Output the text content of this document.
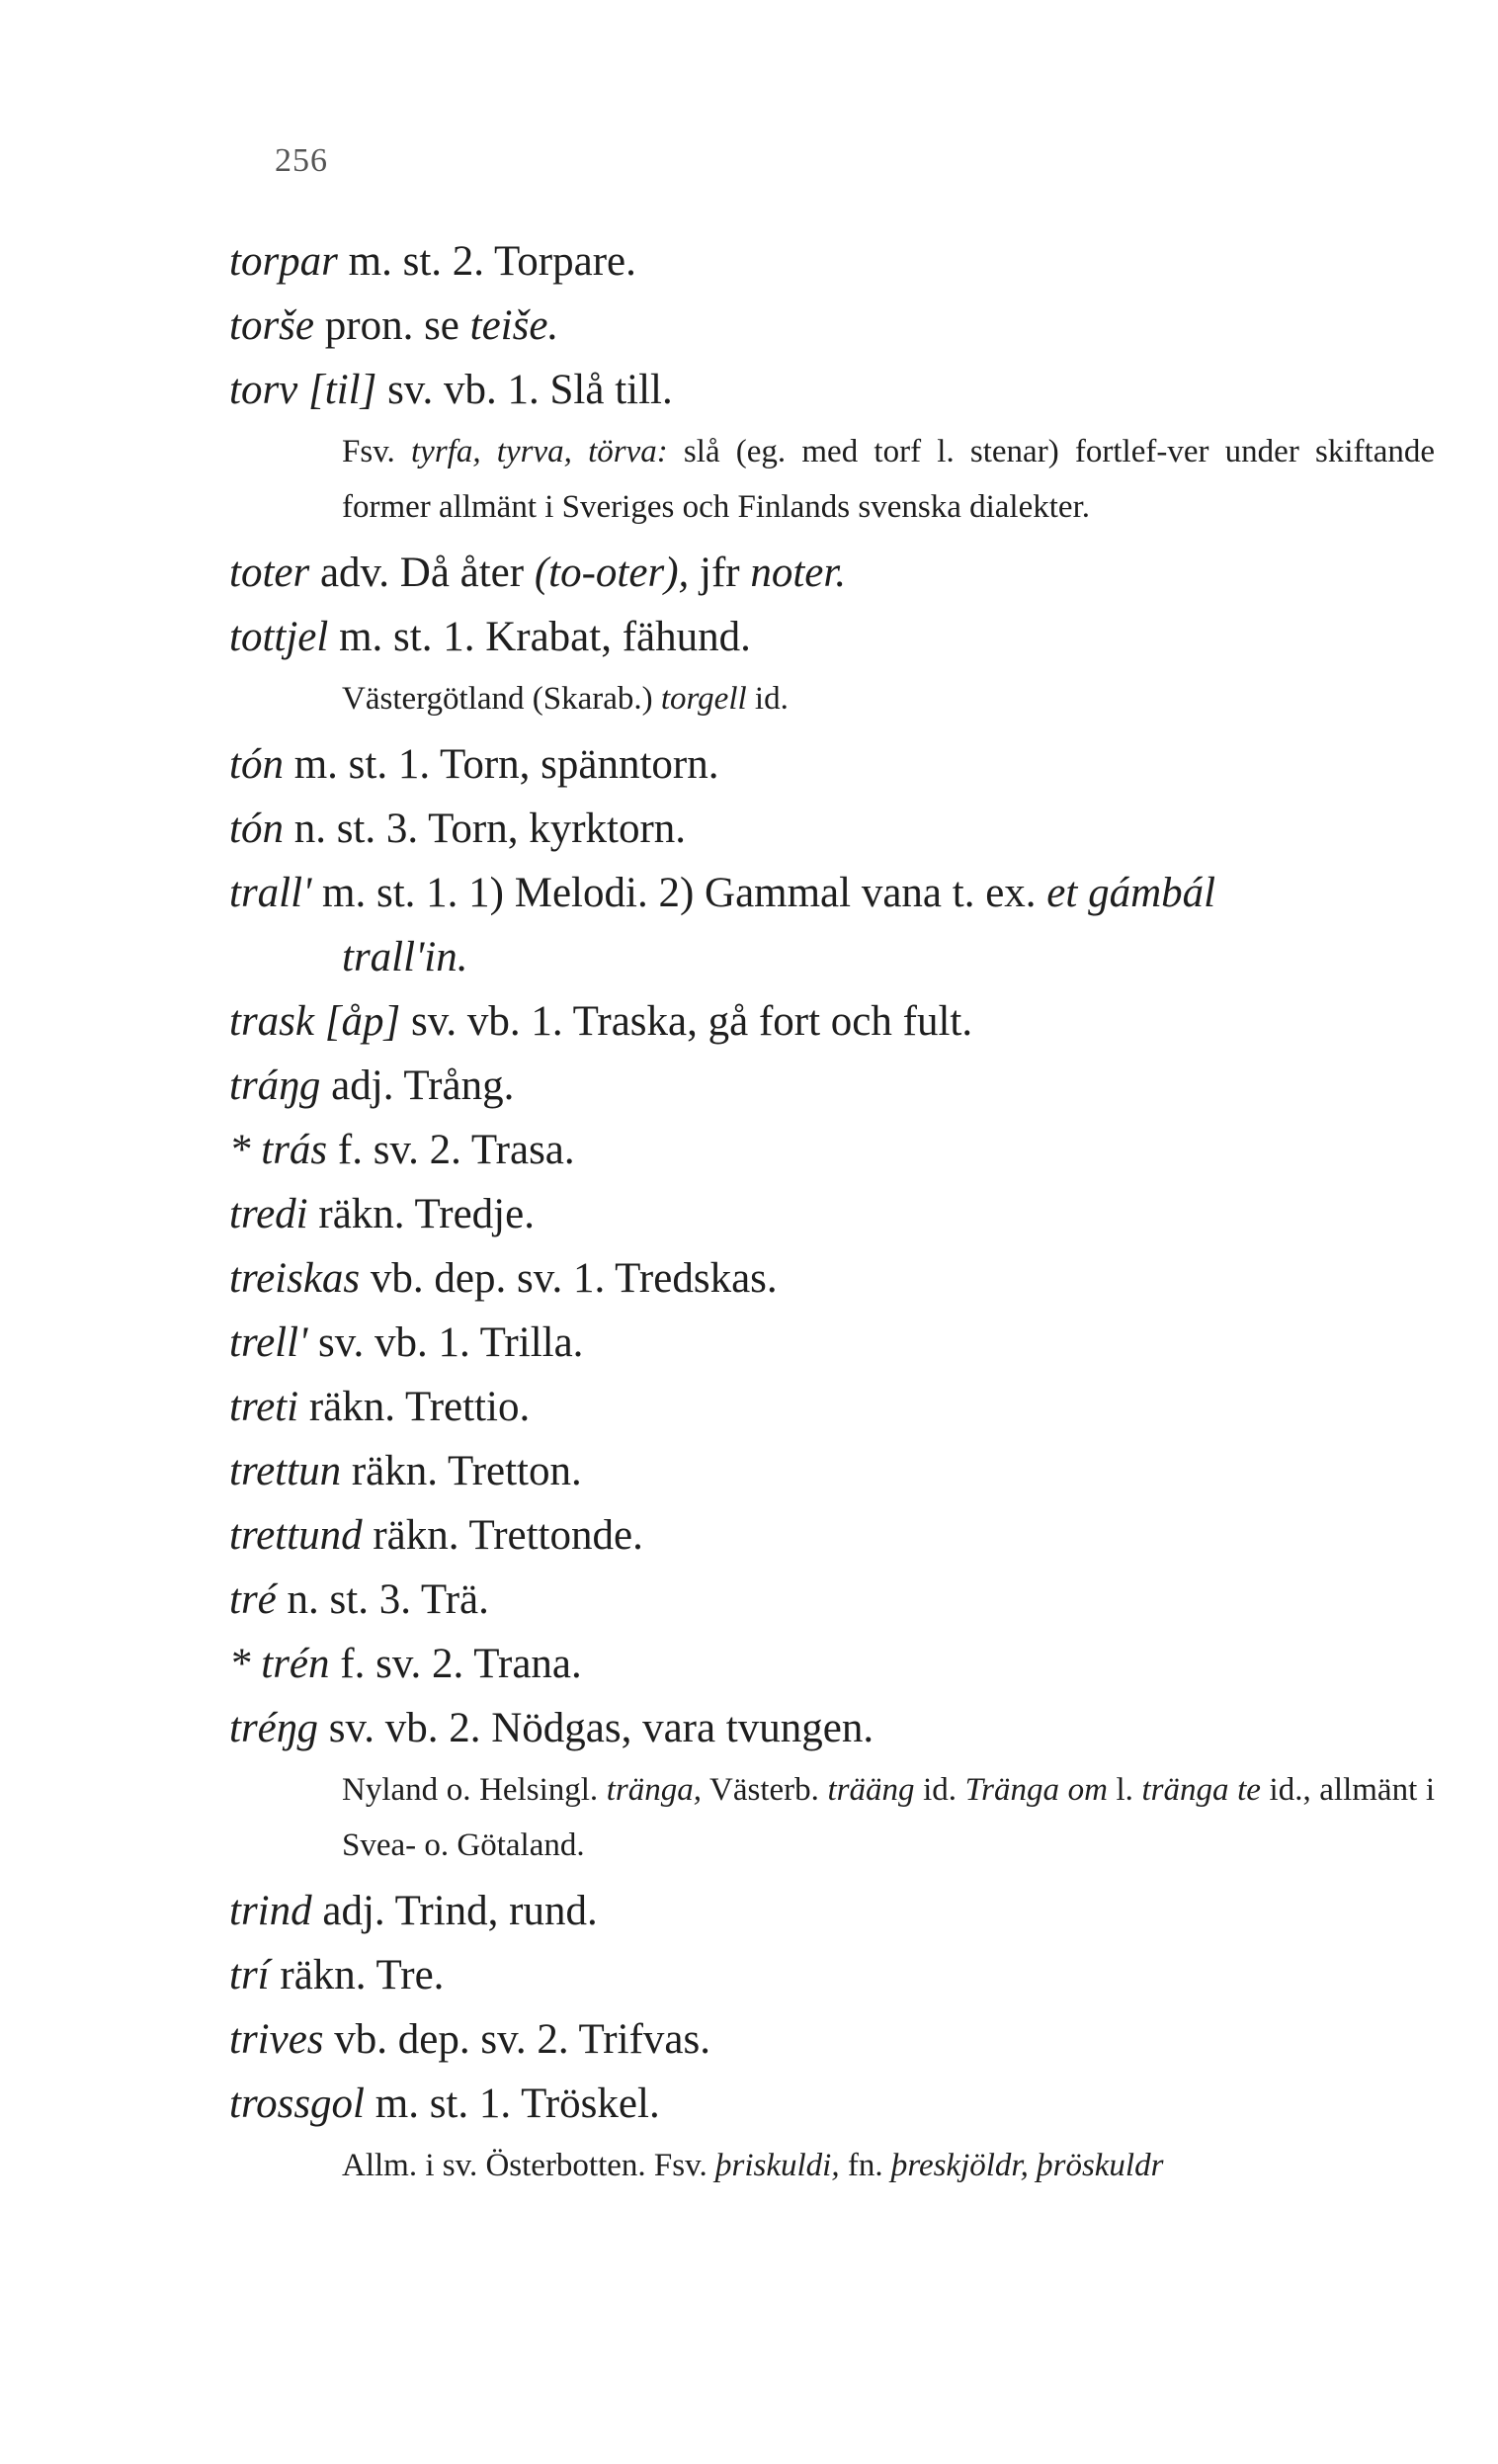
256
torpar m. st. 2. Torpare.
torše pron. se teiše.
torv [til] sv. vb. 1. Slå till.
Fsv. tyrfa, tyrva, törva: slå (eg. med torf l. stenar) fortlef-ver under skiftande former allmänt i Sveriges och Finlands svenska dialekter.
toter adv. Då åter (to-oter), jfr noter.
tottjel m. st. 1. Krabat, fähund.
Västergötland (Skarab.) torgell id.
tón m. st. 1. Torn, spänntorn.
tón n. st. 3. Torn, kyrktorn.
trall' m. st. 1. 1) Melodi. 2) Gammal vana t. ex. et gámbál
trall'in.
trask [åp] sv. vb. 1. Traska, gå fort och fult.
tráŋg adj. Trång.
* trás f. sv. 2. Trasa.
tredi räkn. Tredje.
treiskas vb. dep. sv. 1. Tredskas.
trell' sv. vb. 1. Trilla.
treti räkn. Trettio.
trettun räkn. Tretton.
trettund räkn. Trettonde.
tré n. st. 3. Trä.
* trén f. sv. 2. Trana.
tréŋg sv. vb. 2. Nödgas, vara tvungen.
Nyland o. Helsingl. tränga, Västerb. trääng id. Tränga om l. tränga te id., allmänt i Svea- o. Götaland.
trind adj. Trind, rund.
trí räkn. Tre.
trives vb. dep. sv. 2. Trifvas.
trossgol m. st. 1. Tröskel.
Allm. i sv. Österbotten. Fsv. þriskuldi, fn. þreskjöldr, þröskuldr
